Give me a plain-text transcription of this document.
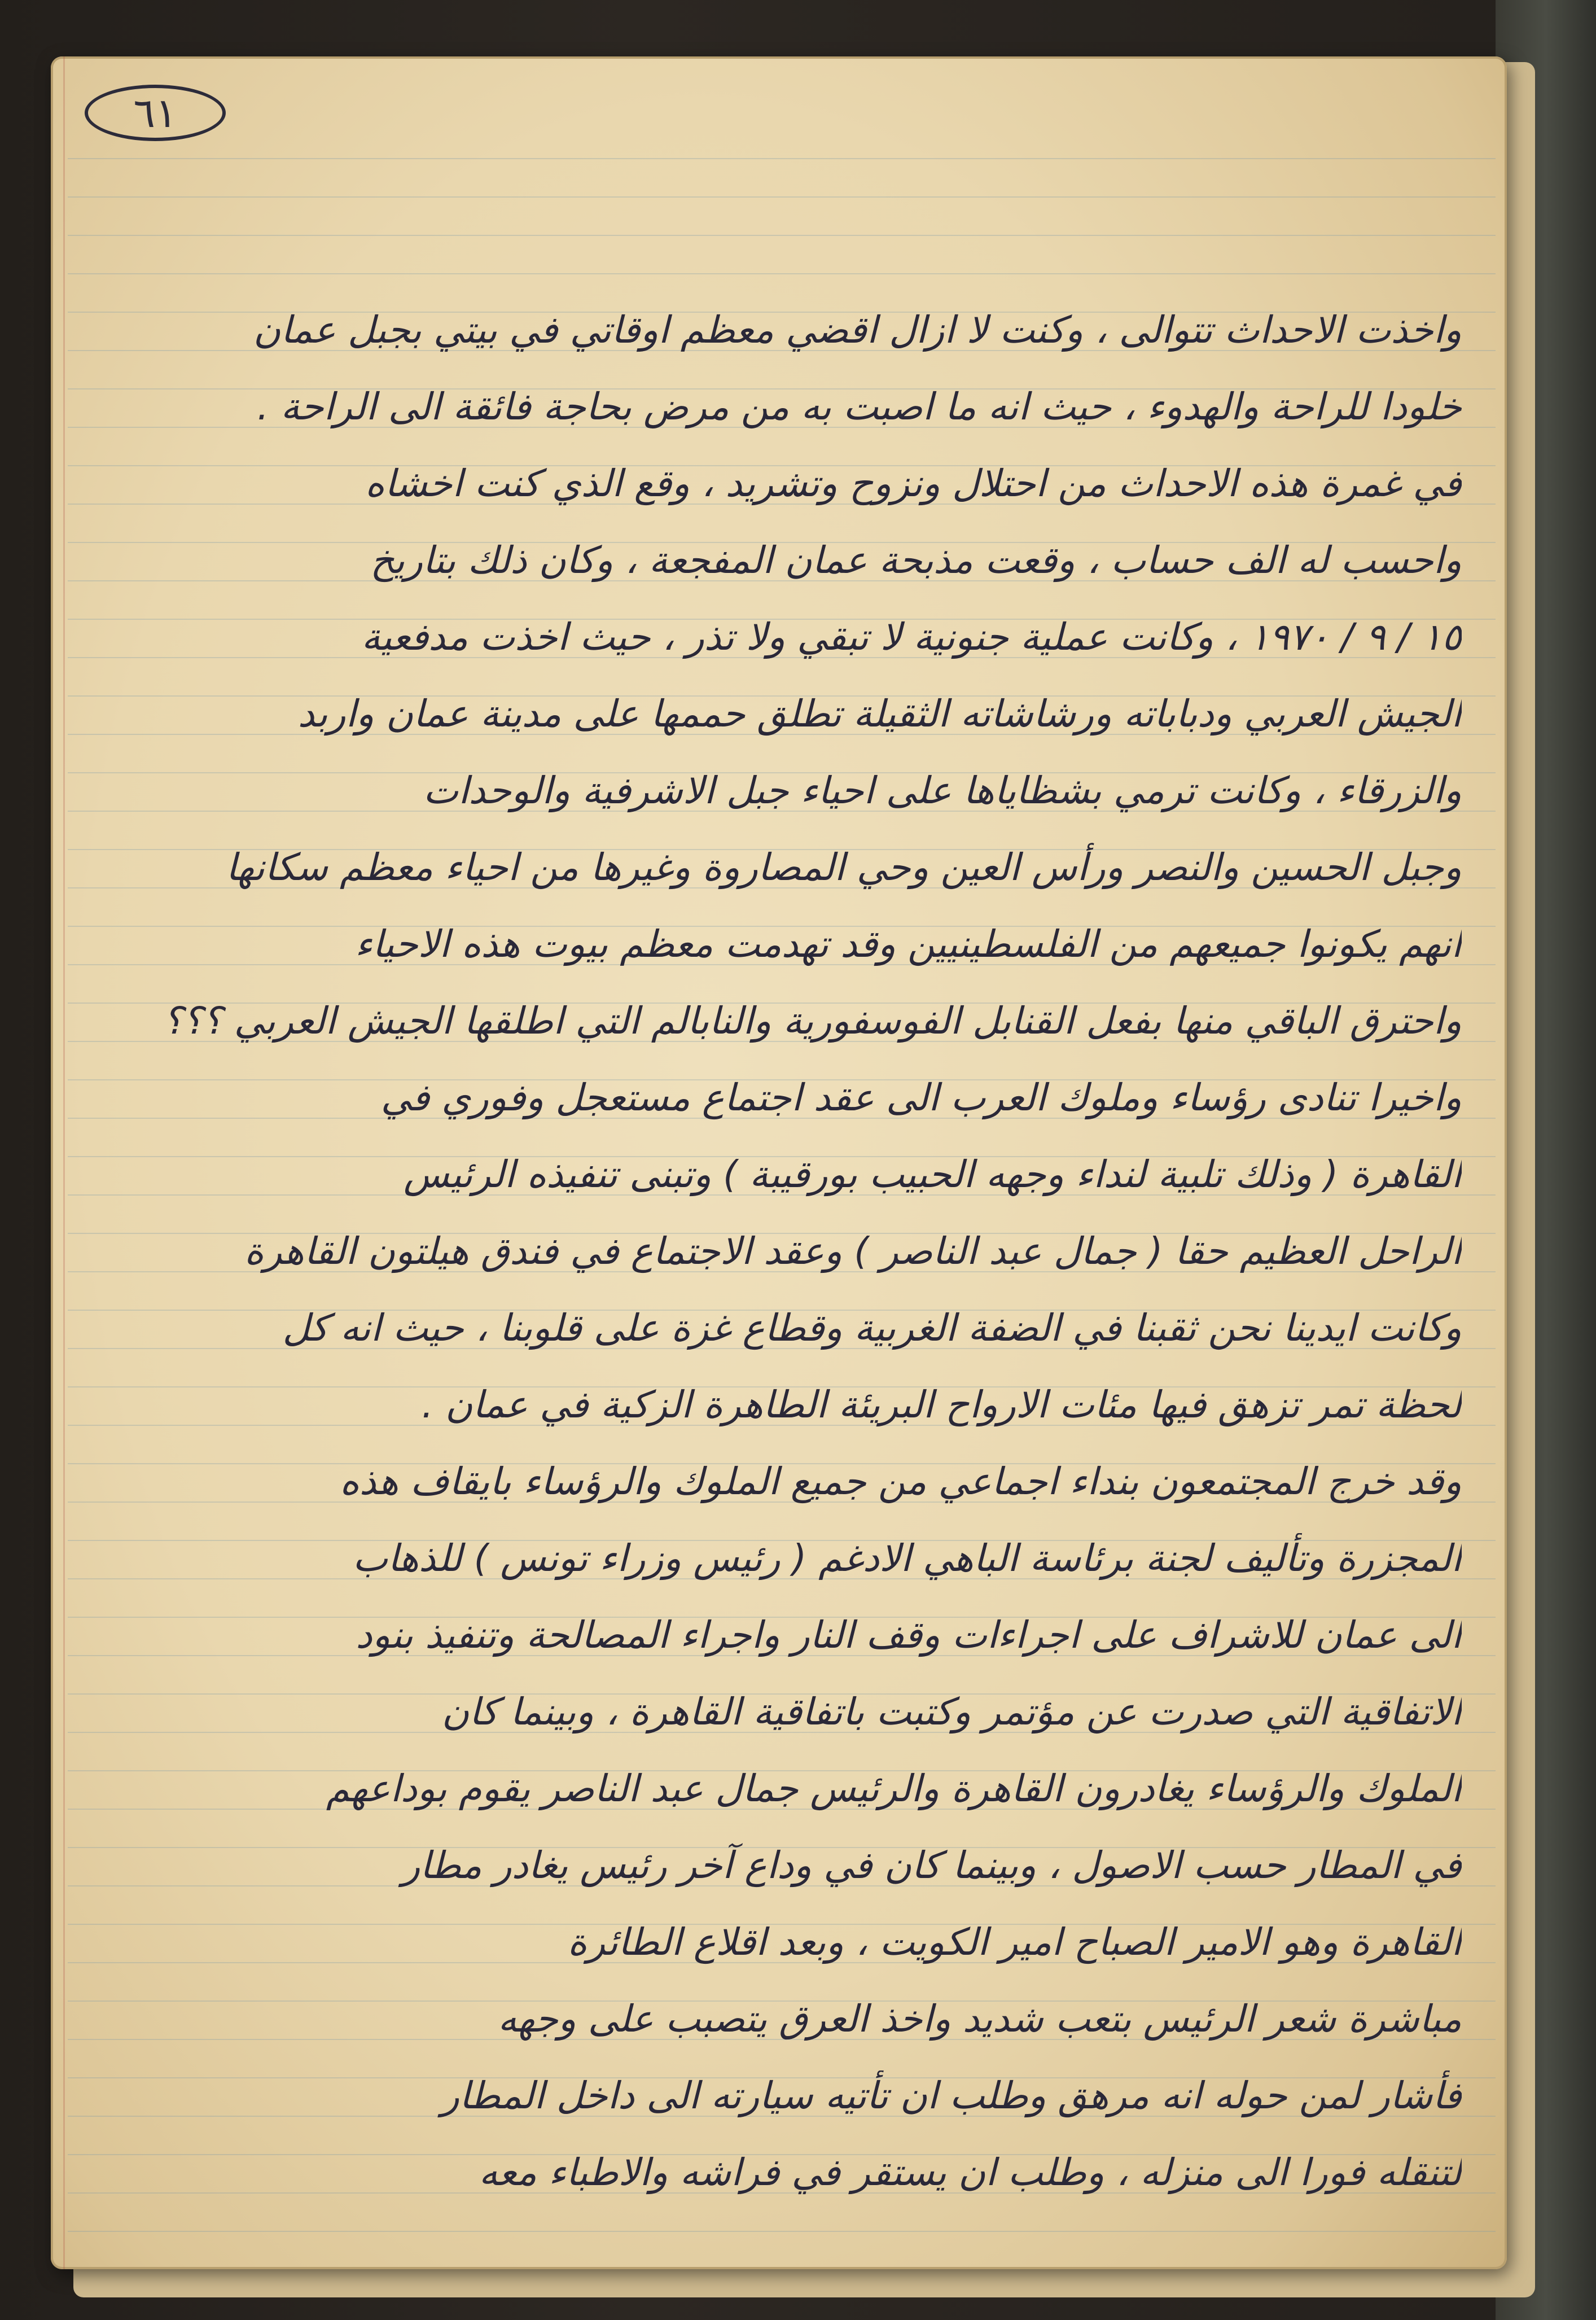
٦١
واخذت الاحداث تتوالى ، وكنت لا ازال اقضي معظم اوقاتي في بيتي بجبل عمان
خلودا للراحة والهدوء ، حيث انه ما اصبت به من مرض بحاجة فائقة الى الراحة .
في غمرة هذه الاحداث من احتلال ونزوح وتشريد ، وقع الذي كنت اخشاه
واحسب له الف حساب ، وقعت مذبحة عمان المفجعة ، وكان ذلك بتاريخ
١٥ / ٩ / ١٩٧٠ ، وكانت عملية جنونية لا تبقي ولا تذر ، حيث اخذت مدفعية
الجيش العربي ودباباته ورشاشاته الثقيلة تطلق حممها على مدينة عمان واربد
والزرقاء ، وكانت ترمي بشظاياها على احياء جبل الاشرفية والوحدات
وجبل الحسين والنصر ورأس العين وحي المصاروة وغيرها من احياء معظم سكانها
انهم يكونوا جميعهم من الفلسطينيين وقد تهدمت معظم بيوت هذه الاحياء
واحترق الباقي منها بفعل القنابل الفوسفورية والنابالم التي اطلقها الجيش العربي ؟؟؟
واخيرا تنادى رؤساء وملوك العرب الى عقد اجتماع مستعجل وفوري في
القاهرة ( وذلك تلبية لنداء وجهه الحبيب بورقيبة ) وتبنى تنفيذه الرئيس
الراحل العظيم حقا ( جمال عبد الناصر ) وعقد الاجتماع في فندق هيلتون القاهرة
وكانت ايدينا نحن ثقبنا في الضفة الغربية وقطاع غزة على قلوبنا ، حيث انه كل
لحظة تمر تزهق فيها مئات الارواح البريئة الطاهرة الزكية في عمان .
وقد خرج المجتمعون بنداء اجماعي من جميع الملوك والرؤساء بايقاف هذه
المجزرة وتأليف لجنة برئاسة الباهي الادغم ( رئيس وزراء تونس ) للذهاب
الى عمان للاشراف على اجراءات وقف النار واجراء المصالحة وتنفيذ بنود
الاتفاقية التي صدرت عن مؤتمر وكتبت باتفاقية القاهرة ، وبينما كان
الملوك والرؤساء يغادرون القاهرة والرئيس جمال عبد الناصر يقوم بوداعهم
في المطار حسب الاصول ، وبينما كان في وداع آخر رئيس يغادر مطار
القاهرة وهو الامير الصباح امير الكويت ، وبعد اقلاع الطائرة
مباشرة شعر الرئيس بتعب شديد واخذ العرق يتصبب على وجهه
فأشار لمن حوله انه مرهق وطلب ان تأتيه سيارته الى داخل المطار
لتنقله فورا الى منزله ، وطلب ان يستقر في فراشه والاطباء معه
